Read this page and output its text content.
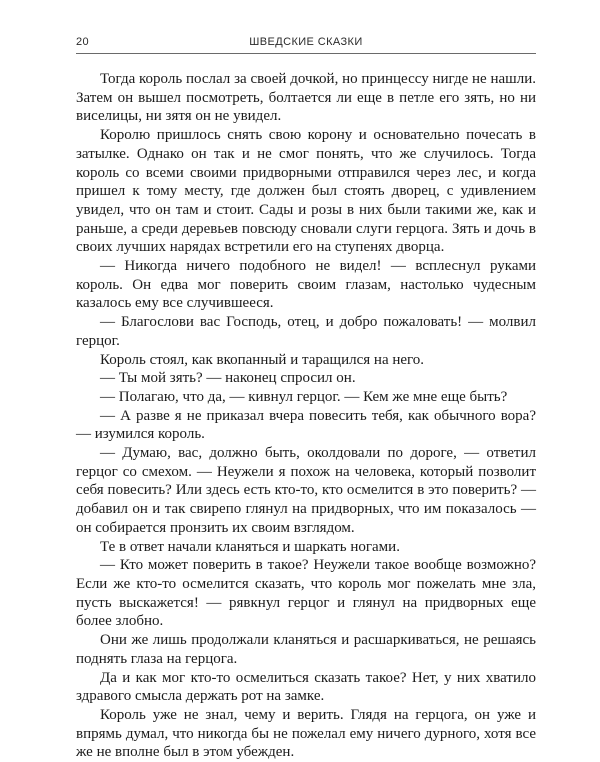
20	ШВЕДСКИЕ СКАЗКИ

Тогда король послал за своей дочкой, но принцессу нигде не нашли. Затем он вышел посмотреть, болтается ли еще в петле его зять, но ни виселицы, ни зятя он не увидел.

Королю пришлось снять свою корону и основательно почесать в затылке. Однако он так и не смог понять, что же случилось. Тогда король со всеми своими придворными отправился через лес, и когда пришел к тому месту, где должен был стоять дворец, с удивлением увидел, что он там и стоит. Сады и розы в них были такими же, как и раньше, а среди деревьев повсюду сновали слуги герцога. Зять и дочь в своих лучших нарядах встретили его на ступенях дворца.

— Никогда ничего подобного не видел! — всплеснул руками король. Он едва мог поверить своим глазам, настолько чудесным казалось ему все случившееся.

— Благослови вас Господь, отец, и добро пожаловать! — молвил герцог.

Король стоял, как вкопанный и таращился на него.

— Ты мой зять? — наконец спросил он.

— Полагаю, что да, — кивнул герцог. — Кем же мне еще быть?

— А разве я не приказал вчера повесить тебя, как обычного вора? — изумился король.

— Думаю, вас, должно быть, околдовали по дороге, — ответил герцог со смехом. — Неужели я похож на человека, который позволит себя повесить? Или здесь есть кто-то, кто осмелится в это поверить? — добавил он и так свирепо глянул на придворных, что им показалось — он собирается пронзить их своим взглядом.

Те в ответ начали кланяться и шаркать ногами.

— Кто может поверить в такое? Неужели такое вообще возможно? Если же кто-то осмелится сказать, что король мог пожелать мне зла, пусть выскажется! — рявкнул герцог и глянул на придворных еще более злобно.

Они же лишь продолжали кланяться и расшаркиваться, не решаясь поднять глаза на герцога.

Да и как мог кто-то осмелиться сказать такое? Нет, у них хватило здравого смысла держать рот на замке.

Король уже не знал, чему и верить. Глядя на герцога, он уже и впрямь думал, что никогда бы не пожелал ему ничего дурного, хотя все же не вполне был в этом убежден.
